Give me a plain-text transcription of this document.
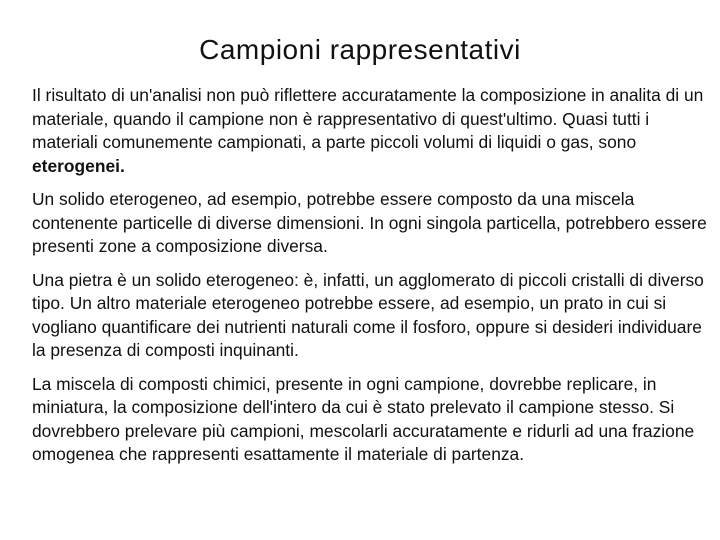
Campioni rappresentativi

Il risultato di un'analisi non può riflettere accuratamente la composizione in analita di un materiale, quando il campione non è rappresentativo di quest'ultimo. Quasi tutti i materiali comunemente campionati, a parte piccoli volumi di liquidi o gas, sono eterogenei.

Un solido eterogeneo, ad esempio, potrebbe essere composto da una miscela contenente particelle di diverse dimensioni. In ogni singola particella, potrebbero essere presenti zone a composizione diversa.

Una pietra è un solido eterogeneo: è, infatti, un agglomerato di piccoli cristalli di diverso tipo. Un altro materiale eterogeneo potrebbe essere, ad esempio, un prato in cui si vogliano quantificare dei nutrienti naturali come il fosforo, oppure si desideri individuare la presenza di composti inquinanti.

La miscela di composti chimici, presente in ogni campione, dovrebbe replicare, in miniatura, la composizione dell'intero da cui è stato prelevato il campione stesso. Si dovrebbero prelevare più campioni, mescolarli accuratamente e ridurli ad una frazione omogenea che rappresenti esattamente il materiale di partenza.
